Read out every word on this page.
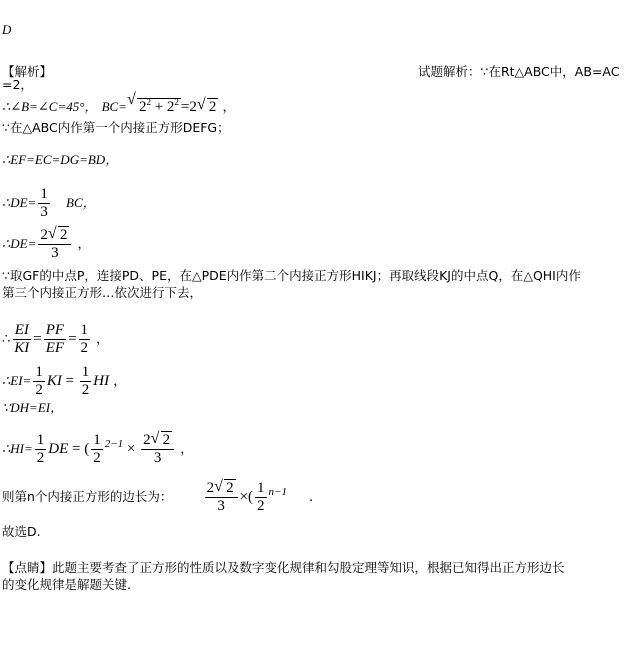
D
【解析】	试题解析：∵在Rt△ABC中，AB=AC
=2，
∴∠B=∠C=45°， BC= √ $2^2 + 2^2 =2$ √ 2 ，
∵在△ABC内作第一个内接正方形DEFG；
∴EF=EC=DG=BD，
∴DE= $\frac{1}{3}$ BC，
∴DE= $\frac{2 √ 2}{3}$ ，
∵取GF的中点P，连接PD、PE，在△PDE内作第二个内接正方形HIKJ；再取线段KJ的中点Q，在△QHI内作
第三个内接正方形…依次进行下去，
∴ $\frac{EI}{KI} = \frac{PF}{EF} = \frac{1}{2}$ ，
∴EI= $\frac{1}{2}$ KI = $\frac{1}{2}$ HI ，
∵DH=EI，
∴HI= $\frac{1}{2}$ DE = ( $\frac{1}{2} ^{2-1} \times \frac{2 √ 2}{3}$ ，
则第n个内接正方形的边长为： $\frac{2 √ 2}{3}$ ×( $\frac{1}{2} ^{n-1}$ .
故选D.
【点睛】此题主要考查了正方形的性质以及数字变化规律和勾股定理等知识，根据已知得出正方形边长
的变化规律是解题关键.
